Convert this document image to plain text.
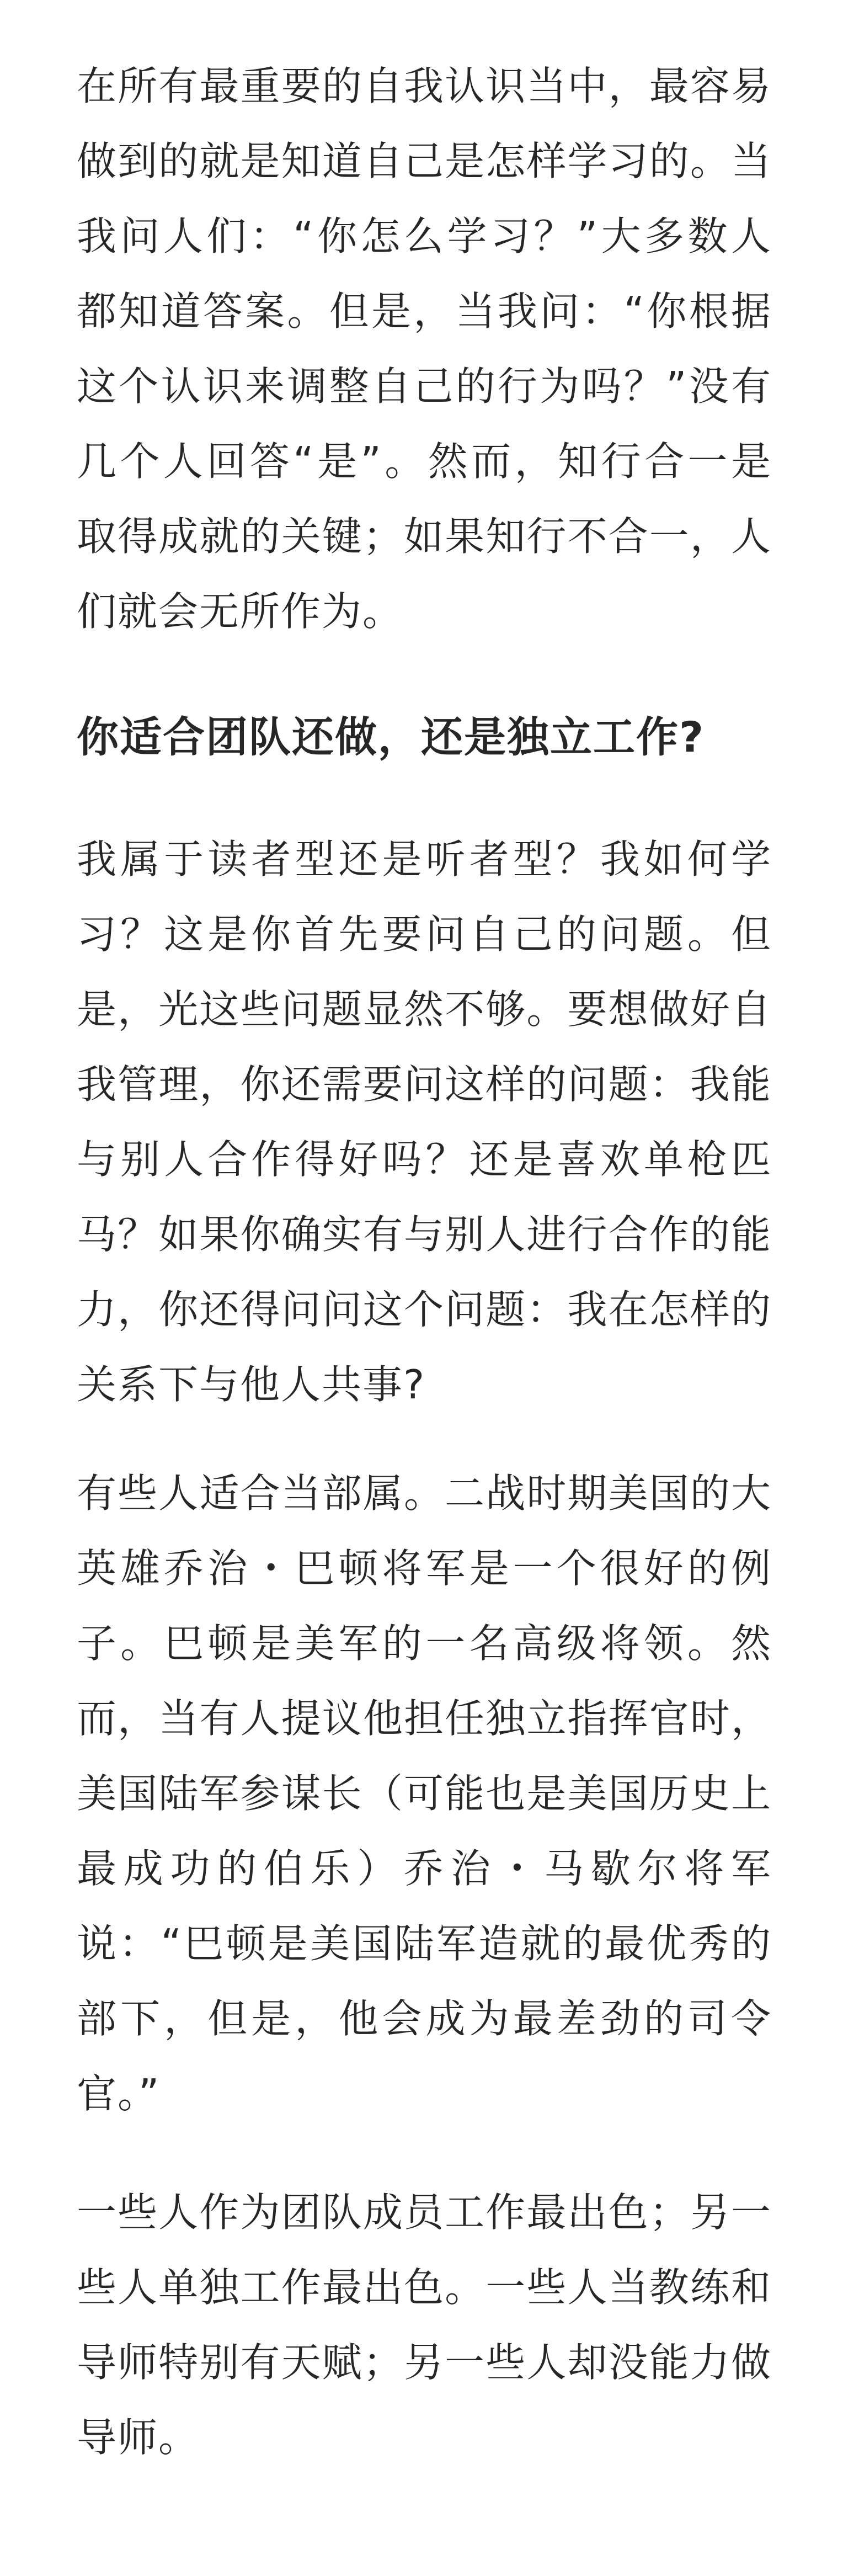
在所有最重要的自我认识当中，最容易做到的就是知道自己是怎样学习的。当我问人们：“你怎么学习？”大多数人都知道答案。但是，当我问：“你根据这个认识来调整自己的行为吗？”没有几个人回答“是”。然而，知行合一是取得成就的关键；如果知行不合一，人们就会无所作为。

你适合团队还做，还是独立工作?

我属于读者型还是听者型？我如何学习？这是你首先要问自己的问题。但是，光这些问题显然不够。要想做好自我管理，你还需要问这样的问题：我能与别人合作得好吗？还是喜欢单枪匹马？如果你确实有与别人进行合作的能力，你还得问问这个问题：我在怎样的关系下与他人共事?

有些人适合当部属。二战时期美国的大英雄乔治・巴顿将军是一个很好的例子。巴顿是美军的一名高级将领。然而，当有人提议他担任独立指挥官时，美国陆军参谋长（可能也是美国历史上最成功的伯乐）乔治・马歇尔将军说：“巴顿是美国陆军造就的最优秀的部下，但是，他会成为最差劲的司令官。”

一些人作为团队成员工作最出色；另一些人单独工作最出色。一些人当教练和导师特别有天赋；另一些人却没能力做导师。
